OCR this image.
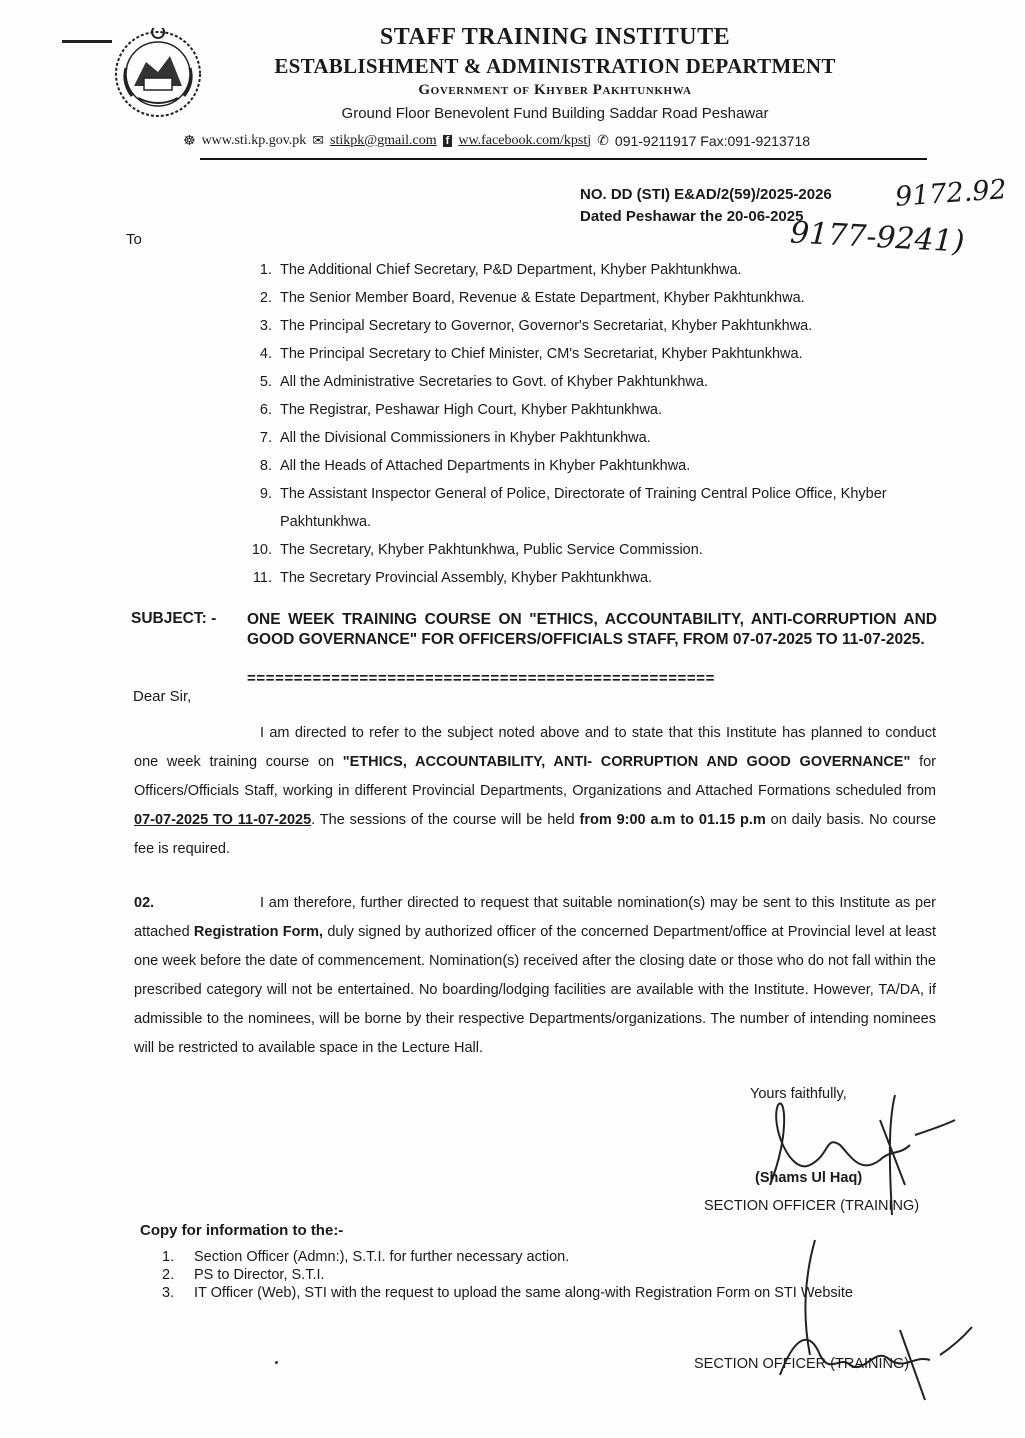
STAFF TRAINING INSTITUTE
ESTABLISHMENT & ADMINISTRATION DEPARTMENT
Government of Khyber Pakhtunkhwa
Ground Floor Benevolent Fund Building Saddar Road Peshawar
☸ www.sti.kp.gov.pk ✉ stikpk@gmail.com f ww.facebook.com/kpstj ✆ 091-9211917 Fax:091-9213718
NO. DD (STI) E&AD/2(59)/2025-2026
Dated Peshawar the 20-06-2025
9172.92
9177-9241)
To
1. The Additional Chief Secretary, P&D Department, Khyber Pakhtunkhwa.
2. The Senior Member Board, Revenue & Estate Department, Khyber Pakhtunkhwa.
3. The Principal Secretary to Governor, Governor's Secretariat, Khyber Pakhtunkhwa.
4. The Principal Secretary to Chief Minister, CM's Secretariat, Khyber Pakhtunkhwa.
5. All the Administrative Secretaries to Govt. of Khyber Pakhtunkhwa.
6. The Registrar, Peshawar High Court, Khyber Pakhtunkhwa.
7. All the Divisional Commissioners in Khyber Pakhtunkhwa.
8. All the Heads of Attached Departments in Khyber Pakhtunkhwa.
9. The Assistant Inspector General of Police, Directorate of Training Central Police Office, Khyber Pakhtunkhwa.
10. The Secretary, Khyber Pakhtunkhwa, Public Service Commission.
11. The Secretary Provincial Assembly, Khyber Pakhtunkhwa.
SUBJECT: - ONE WEEK TRAINING COURSE ON "ETHICS, ACCOUNTABILITY, ANTI-CORRUPTION AND GOOD GOVERNANCE" FOR OFFICERS/OFFICIALS STAFF, FROM 07-07-2025 TO 11-07-2025.
==================================================
Dear Sir,
I am directed to refer to the subject noted above and to state that this Institute has planned to conduct one week training course on "ETHICS, ACCOUNTABILITY, ANTI- CORRUPTION AND GOOD GOVERNANCE" for Officers/Officials Staff, working in different Provincial Departments, Organizations and Attached Formations scheduled from 07-07-2025 TO 11-07-2025. The sessions of the course will be held from 9:00 a.m to 01.15 p.m on daily basis. No course fee is required.
02.	I am therefore, further directed to request that suitable nomination(s) may be sent to this Institute as per attached Registration Form, duly signed by authorized officer of the concerned Department/office at Provincial level at least one week before the date of commencement. Nomination(s) received after the closing date or those who do not fall within the prescribed category will not be entertained. No boarding/lodging facilities are available with the Institute. However, TA/DA, if admissible to the nominees, will be borne by their respective Departments/organizations. The number of intending nominees will be restricted to available space in the Lecture Hall.
Yours faithfully,
(Shams Ul Haq)
SECTION OFFICER (TRAINING)
Copy for information to the:-
1. Section Officer (Admn:), S.T.I. for further necessary action.
2. PS to Director, S.T.I.
3. IT Officer (Web), STI with the request to upload the same along-with Registration Form on STI Website
SECTION OFFICER (TRAINING)
